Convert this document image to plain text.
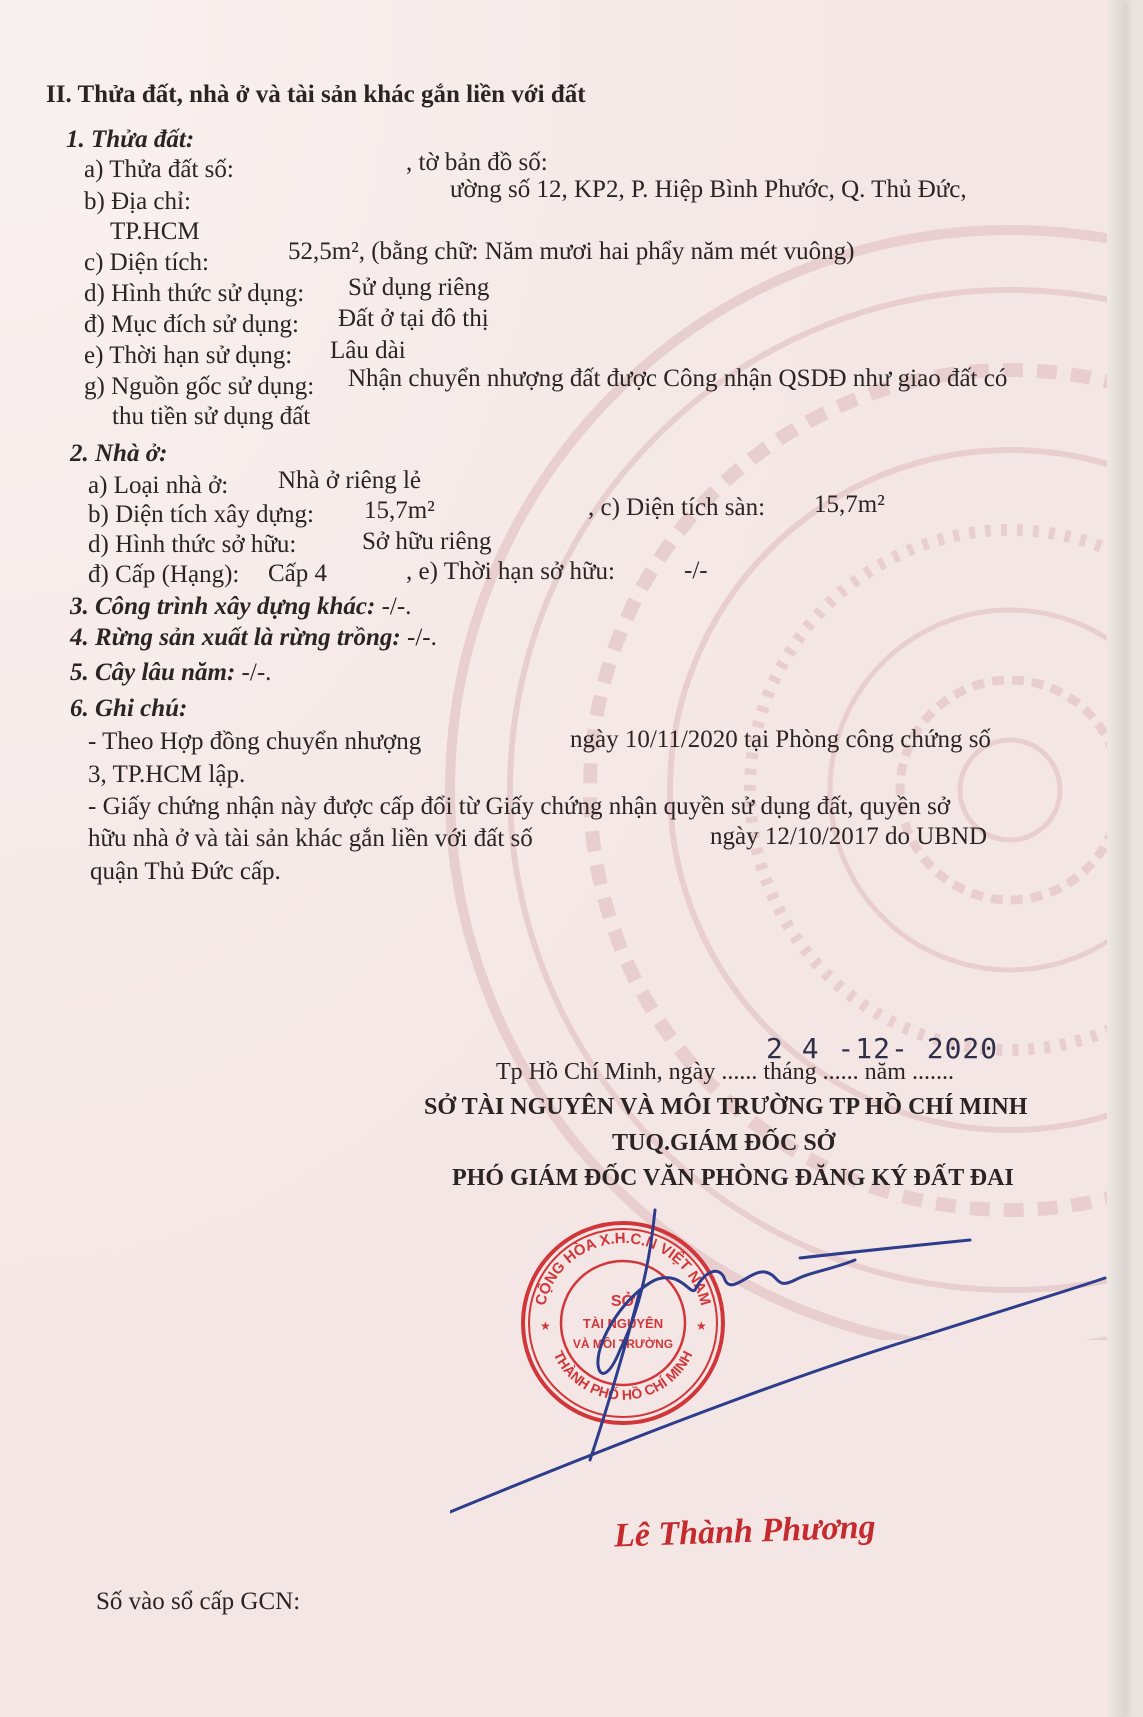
II. Thửa đất, nhà ở và tài sản khác gắn liền với đất
1. Thửa đất:
a) Thửa đất số:	, tờ bản đồ số:
b) Địa chỉ:	ường số 12, KP2, P. Hiệp Bình Phước, Q. Thủ Đức,
TP.HCM
c) Diện tích:	52,5m², (bằng chữ: Năm mươi hai phẩy năm mét vuông)
d) Hình thức sử dụng: Sử dụng riêng
đ) Mục đích sử dụng: Đất ở tại đô thị
e) Thời hạn sử dụng: Lâu dài
g) Nguồn gốc sử dụng: Nhận chuyển nhượng đất được Công nhận QSDĐ như giao đất có
thu tiền sử dụng đất
2. Nhà ở:
a) Loại nhà ở: Nhà ở riêng lẻ
b) Diện tích xây dựng: 15,7m²	, c) Diện tích sàn: 15,7m²
d) Hình thức sở hữu:	Sở hữu riêng
đ) Cấp (Hạng): Cấp 4	, e) Thời hạn sở hữu:	-/-
3. Công trình xây dựng khác: -/-.
4. Rừng sản xuất là rừng trồng: -/-.
5. Cây lâu năm: -/-.
6. Ghi chú:
- Theo Hợp đồng chuyển nhượng	ngày 10/11/2020 tại Phòng công chứng số
3, TP.HCM lập.
- Giấy chứng nhận này được cấp đổi từ Giấy chứng nhận quyền sử dụng đất, quyền sở
hữu nhà ở và tài sản khác gắn liền với đất số	ngày 12/10/2017 do UBND
quận Thủ Đức cấp.
2 4 -12- 2020
Tp Hồ Chí Minh, ngày ...... tháng ...... năm .......
SỞ TÀI NGUYÊN VÀ MÔI TRƯỜNG TP HỒ CHÍ MINH
TUQ.GIÁM ĐỐC SỞ
PHÓ GIÁM ĐỐC VĂN PHÒNG ĐĂNG KÝ ĐẤT ĐAI
CỘNG HÒA X.H.C.N VIỆT NAM
THÀNH PHỐ HỒ CHÍ MINH
SỞ
TÀI NGUYÊN
VÀ MÔI TRƯỜNG
★	★
Lê Thành Phương
Số vào sổ cấp GCN:
